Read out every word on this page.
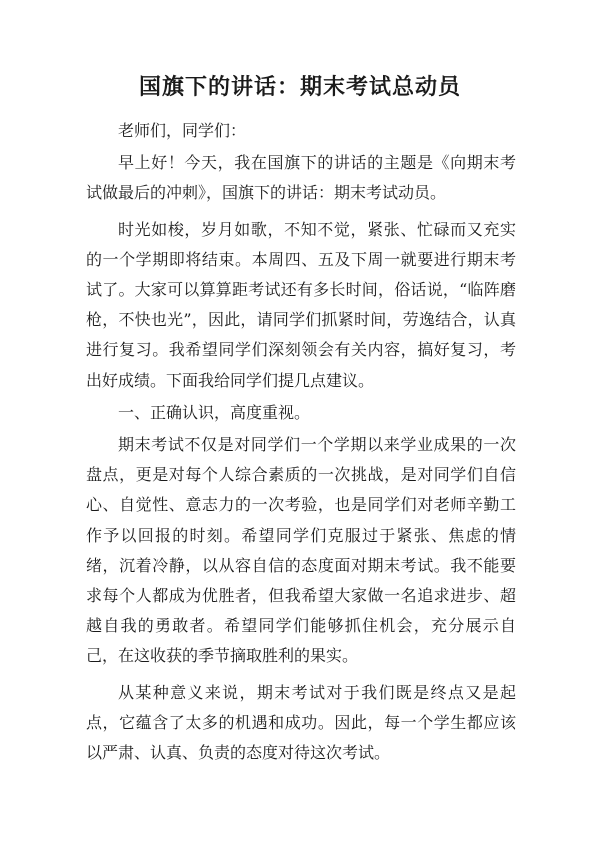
国旗下的讲话：期末考试总动员

老师们，同学们：

早上好！今天，我在国旗下的讲话的主题是《向期末考试做最后的冲刺》，国旗下的讲话：期末考试动员。

时光如梭，岁月如歌，不知不觉，紧张、忙碌而又充实的一个学期即将结束。本周四、五及下周一就要进行期末考试了。大家可以算算距考试还有多长时间，俗话说，“临阵磨枪，不快也光”，因此，请同学们抓紧时间，劳逸结合，认真进行复习。我希望同学们深刻领会有关内容，搞好复习，考出好成绩。下面我给同学们提几点建议。

一、正确认识，高度重视。

期末考试不仅是对同学们一个学期以来学业成果的一次盘点，更是对每个人综合素质的一次挑战，是对同学们自信心、自觉性、意志力的一次考验，也是同学们对老师辛勤工作予以回报的时刻。希望同学们克服过于紧张、焦虑的情绪，沉着冷静，以从容自信的态度面对期末考试。我不能要求每个人都成为优胜者，但我希望大家做一名追求进步、超越自我的勇敢者。希望同学们能够抓住机会，充分展示自己，在这收获的季节摘取胜利的果实。

从某种意义来说，期末考试对于我们既是终点又是起点，它蕴含了太多的机遇和成功。因此，每一个学生都应该以严肃、认真、负责的态度对待这次考试。
